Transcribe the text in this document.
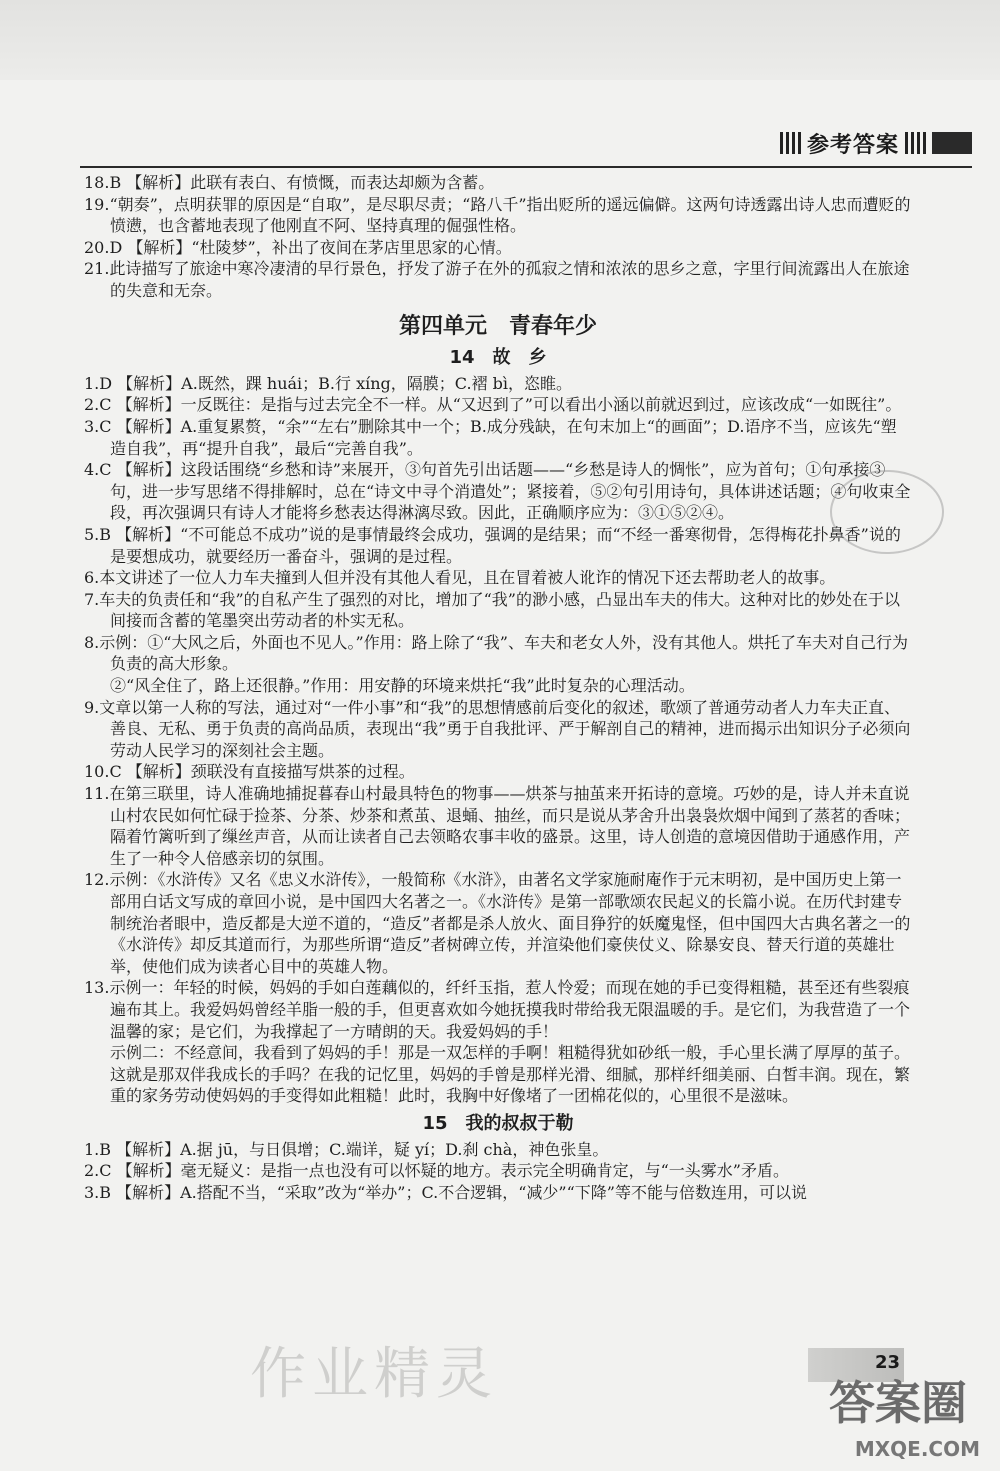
参考答案

18.B 【解析】此联有表白、有愤慨，而表达却颇为含蓄。

19.“朝奏”，点明获罪的原因是“自取”，是尽职尽责；“路八千”指出贬所的遥远偏僻。这两句诗透露出诗人忠而遭贬的愤懑，也含蓄地表现了他刚直不阿、坚持真理的倔强性格。

20.D 【解析】“杜陵梦”，补出了夜间在茅店里思家的心情。

21.此诗描写了旅途中寒冷凄清的早行景色，抒发了游子在外的孤寂之情和浓浓的思乡之意，字里行间流露出人在旅途的失意和无奈。

第四单元　青春年少
14　故　乡

1.D 【解析】A.既然，踝 huái；B.行 xíng，隔膜；C.褶 bì，恣睢。

2.C 【解析】一反既往：是指与过去完全不一样。从“又迟到了”可以看出小涵以前就迟到过，应该改成“一如既往”。

3.C 【解析】A.重复累赘，“余”“左右”删除其中一个；B.成分残缺，在句末加上“的画面”；D.语序不当，应该先“塑造自我”，再“提升自我”，最后“完善自我”。

4.C 【解析】这段话围绕“乡愁和诗”来展开，③句首先引出话题——“乡愁是诗人的惆怅”，应为首句；①句承接③句，进一步写思绪不得排解时，总在“诗文中寻个消遣处”；紧接着，⑤②句引用诗句，具体讲述话题；④句收束全段，再次强调只有诗人才能将乡愁表达得淋漓尽致。因此，正确顺序应为：③①⑤②④。

5.B 【解析】“不可能总不成功”说的是事情最终会成功，强调的是结果；而“不经一番寒彻骨，怎得梅花扑鼻香”说的是要想成功，就要经历一番奋斗，强调的是过程。

6.本文讲述了一位人力车夫撞到人但并没有其他人看见，且在冒着被人讹诈的情况下还去帮助老人的故事。

7.车夫的负责任和“我”的自私产生了强烈的对比，增加了“我”的渺小感，凸显出车夫的伟大。这种对比的妙处在于以间接而含蓄的笔墨突出劳动者的朴实无私。

8.示例：①“大风之后，外面也不见人。”作用：路上除了“我”、车夫和老女人外，没有其他人。烘托了车夫对自己行为负责的高大形象。

②“风全住了，路上还很静。”作用：用安静的环境来烘托“我”此时复杂的心理活动。

9.文章以第一人称的写法，通过对“一件小事”和“我”的思想情感前后变化的叙述，歌颂了普通劳动者人力车夫正直、善良、无私、勇于负责的高尚品质，表现出“我”勇于自我批评、严于解剖自己的精神，进而揭示出知识分子必须向劳动人民学习的深刻社会主题。

10.C 【解析】颈联没有直接描写烘茶的过程。

11.在第三联里，诗人准确地捕捉暮春山村最具特色的物事——烘茶与抽茧来开拓诗的意境。巧妙的是，诗人并未直说山村农民如何忙碌于捡茶、分茶、炒茶和煮茧、退蛹、抽丝，而只是说从茅舍升出袅袅炊烟中闻到了蒸茗的香味；隔着竹篱听到了缫丝声音，从而让读者自己去领略农事丰收的盛景。这里，诗人创造的意境因借助于通感作用，产生了一种令人倍感亲切的氛围。

12.示例：《水浒传》又名《忠义水浒传》，一般简称《水浒》，由著名文学家施耐庵作于元末明初，是中国历史上第一部用白话文写成的章回小说，是中国四大名著之一。《水浒传》是第一部歌颂农民起义的长篇小说。在历代封建专制统治者眼中，造反都是大逆不道的，“造反”者都是杀人放火、面目狰狞的妖魔鬼怪，但中国四大古典名著之一的《水浒传》却反其道而行，为那些所谓“造反”者树碑立传，并渲染他们豪侠仗义、除暴安良、替天行道的英雄壮举，使他们成为读者心目中的英雄人物。

13.示例一：年轻的时候，妈妈的手如白莲藕似的，纤纤玉指，惹人怜爱；而现在她的手已变得粗糙，甚至还有些裂痕遍布其上。我爱妈妈曾经羊脂一般的手，但更喜欢如今她抚摸我时带给我无限温暖的手。是它们，为我营造了一个温馨的家；是它们，为我撑起了一方晴朗的天。我爱妈妈的手！

示例二：不经意间，我看到了妈妈的手！那是一双怎样的手啊！粗糙得犹如砂纸一般，手心里长满了厚厚的茧子。这就是那双伴我成长的手吗？在我的记忆里，妈妈的手曾是那样光滑、细腻，那样纤细美丽、白皙丰润。现在，繁重的家务劳动使妈妈的手变得如此粗糙！此时，我胸中好像堵了一团棉花似的，心里很不是滋味。

15　我的叔叔于勒

1.B 【解析】A.据 jū，与日俱增；C.端详，疑 yí；D.刹 chà，神色张皇。

2.C 【解析】毫无疑义：是指一点也没有可以怀疑的地方。表示完全明确肯定，与“一头雾水”矛盾。

3.B 【解析】A.搭配不当，“采取”改为“举办”；C.不合逻辑，“减少”“下降”等不能与倍数连用，可以说

作业精灵	23
答案圈
MXQE.COM
